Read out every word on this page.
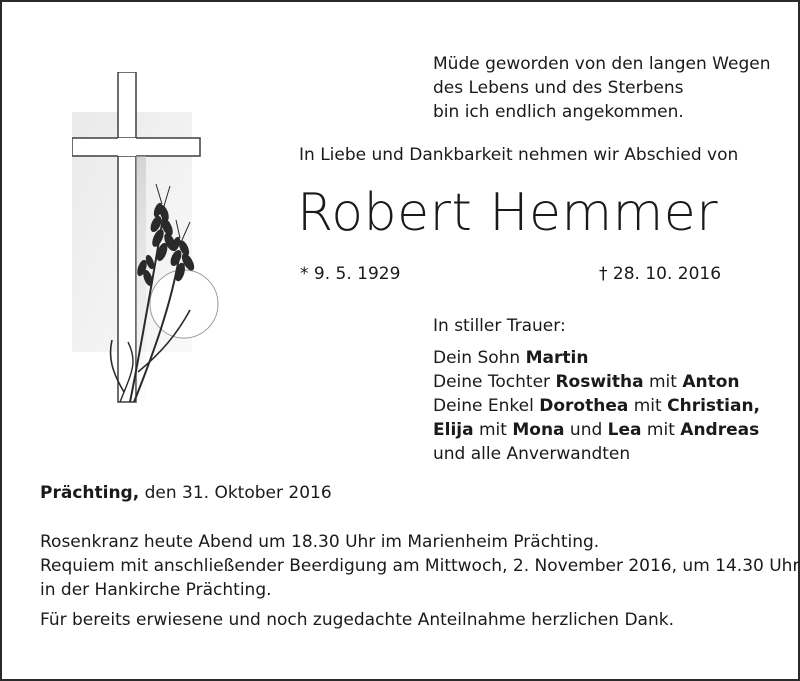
Müde geworden von den langen Wegen
des Lebens und des Sterbens
bin ich endlich angekommen.
In Liebe und Dankbarkeit nehmen wir Abschied von
Robert Hemmer
* 9. 5. 1929	† 28. 10. 2016
In stiller Trauer:
Dein Sohn Martin
Deine Tochter Roswitha mit Anton
Deine Enkel Dorothea mit Christian,
Elija mit Mona und Lea mit Andreas
und alle Anverwandten
Prächting, den 31. Oktober 2016
Rosenkranz heute Abend um 18.30 Uhr im Marienheim Prächting.
Requiem mit anschließender Beerdigung am Mittwoch, 2. November 2016, um 14.30 Uhr
in der Hankirche Prächting.
Für bereits erwiesene und noch zugedachte Anteilnahme herzlichen Dank.
